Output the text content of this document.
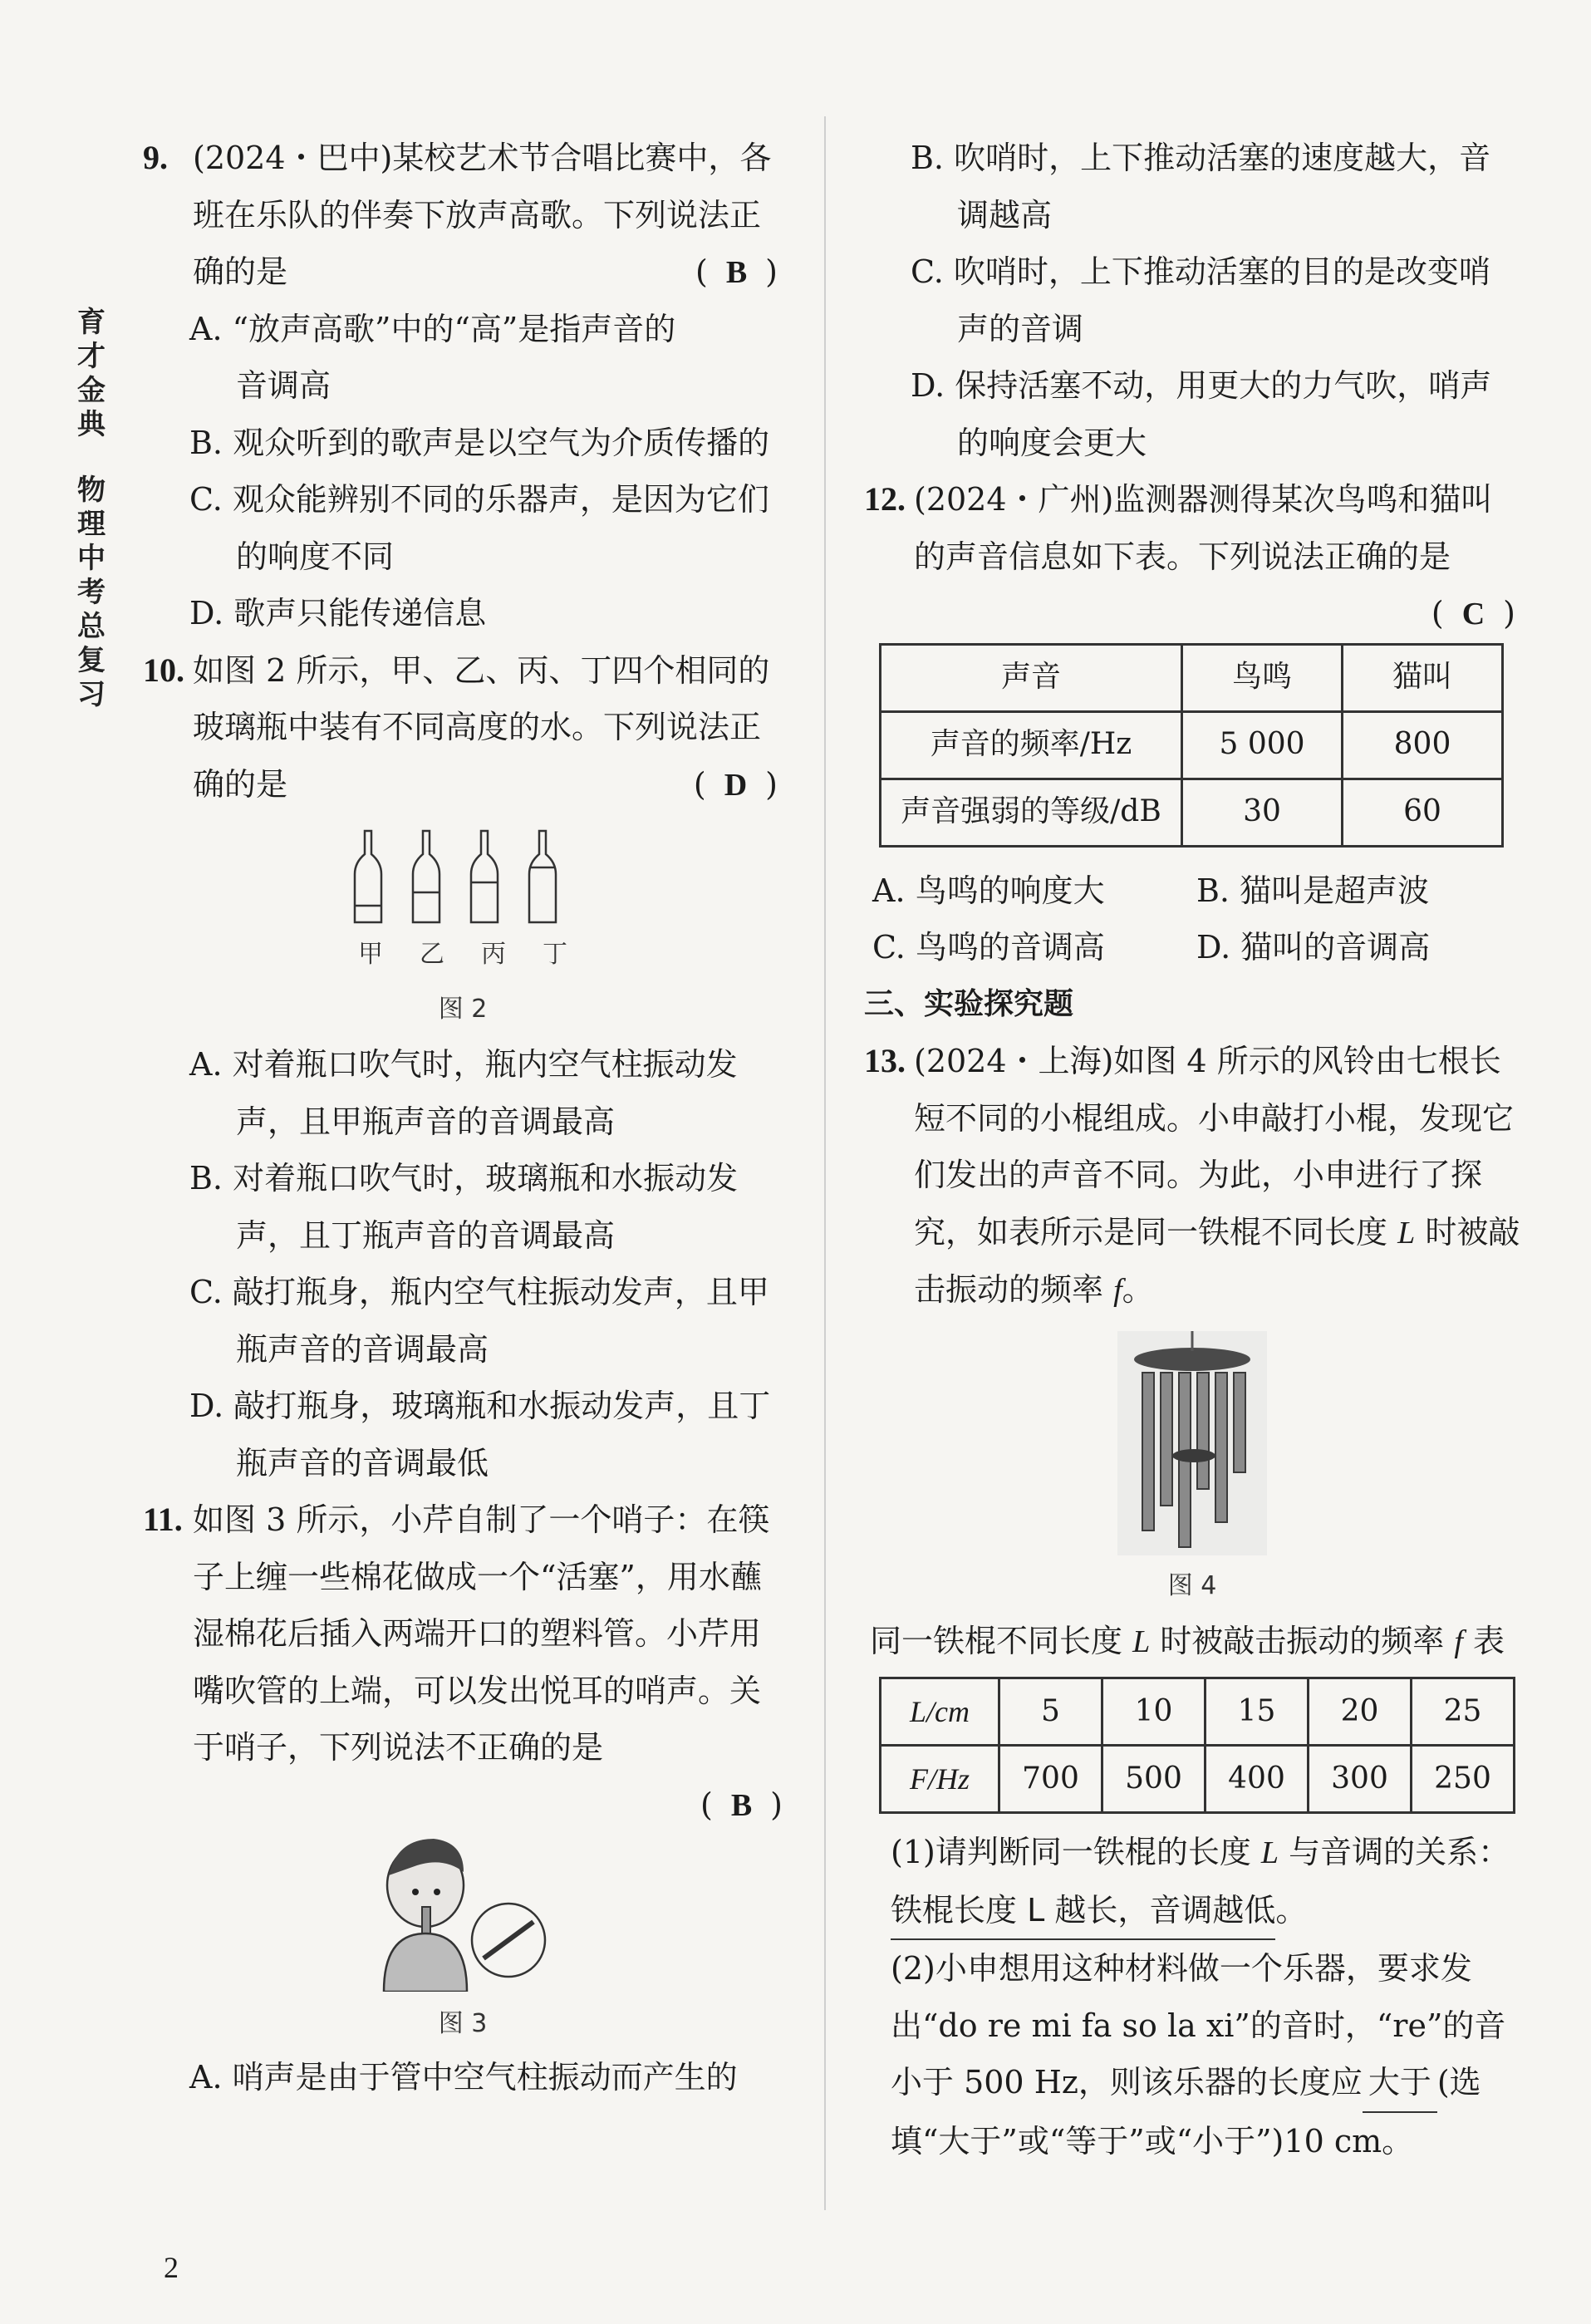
育
才
金
典
物
理
中
考
总
复
习

9. (2024・巴中)某校艺术节合唱比赛中，各班在乐队的伴奏下放声高歌。下列说法正确的是	( B )

A. “放声高歌”中的“高”是指声音的音调高

B. 观众听到的歌声是以空气为介质传播的

C. 观众能辨别不同的乐器声，是因为它们的响度不同

D. 歌声只能传递信息

10. 如图 2 所示，甲、乙、丙、丁四个相同的玻璃瓶中装有不同高度的水。下列说法正确的是	( D )

甲 乙 丙 丁
图 2

A. 对着瓶口吹气时，瓶内空气柱振动发声，且甲瓶声音的音调最高

B. 对着瓶口吹气时，玻璃瓶和水振动发声，且丁瓶声音的音调最高

C. 敲打瓶身，瓶内空气柱振动发声，且甲瓶声音的音调最高

D. 敲打瓶身，玻璃瓶和水振动发声，且丁瓶声音的音调最低

11. 如图 3 所示，小芹自制了一个哨子：在筷子上缠一些棉花做成一个“活塞”，用水蘸湿棉花后插入两端开口的塑料管。小芹用嘴吹管的上端，可以发出悦耳的哨声。关于哨子，下列说法不正确的是

( B )

图 3

A. 哨声是由于管中空气柱振动而产生的

B. 吹哨时，上下推动活塞的速度越大，音调越高

C. 吹哨时，上下推动活塞的目的是改变哨声的音调

D. 保持活塞不动，用更大的力气吹，哨声的响度会更大

12. (2024・广州)监测器测得某次鸟鸣和猫叫的声音信息如下表。下列说法正确的是
( C )

声音	鸟鸣	猫叫
声音的频率/Hz	5 000	800
声音强弱的等级/dB	30	60
A. 鸟鸣的响度大	B. 猫叫是超声波
C. 鸟鸣的音调高	D. 猫叫的音调高

三、实验探究题

13. (2024・上海)如图 4 所示的风铃由七根长短不同的小棍组成。小申敲打小棍，发现它们发出的声音不同。为此，小申进行了探究，如表所示是同一铁棍不同长度 L 时被敲击振动的频率 f。

图 4

同一铁棍不同长度 L 时被敲击振动的频率 f 表

L/cm	5	10	15	20	25
F/Hz	700	500	400	300	250

(1)请判断同一铁棍的长度 L 与音调的关系：铁棍长度 L 越长，音调越低。

(2)小申想用这种材料做一个乐器，要求发出“do re mi fa so la xi”的音时，“re”的音小于 500 Hz，则该乐器的长度应 大于 (选填“大于”或“等于”或“小于”)10 cm。

2
